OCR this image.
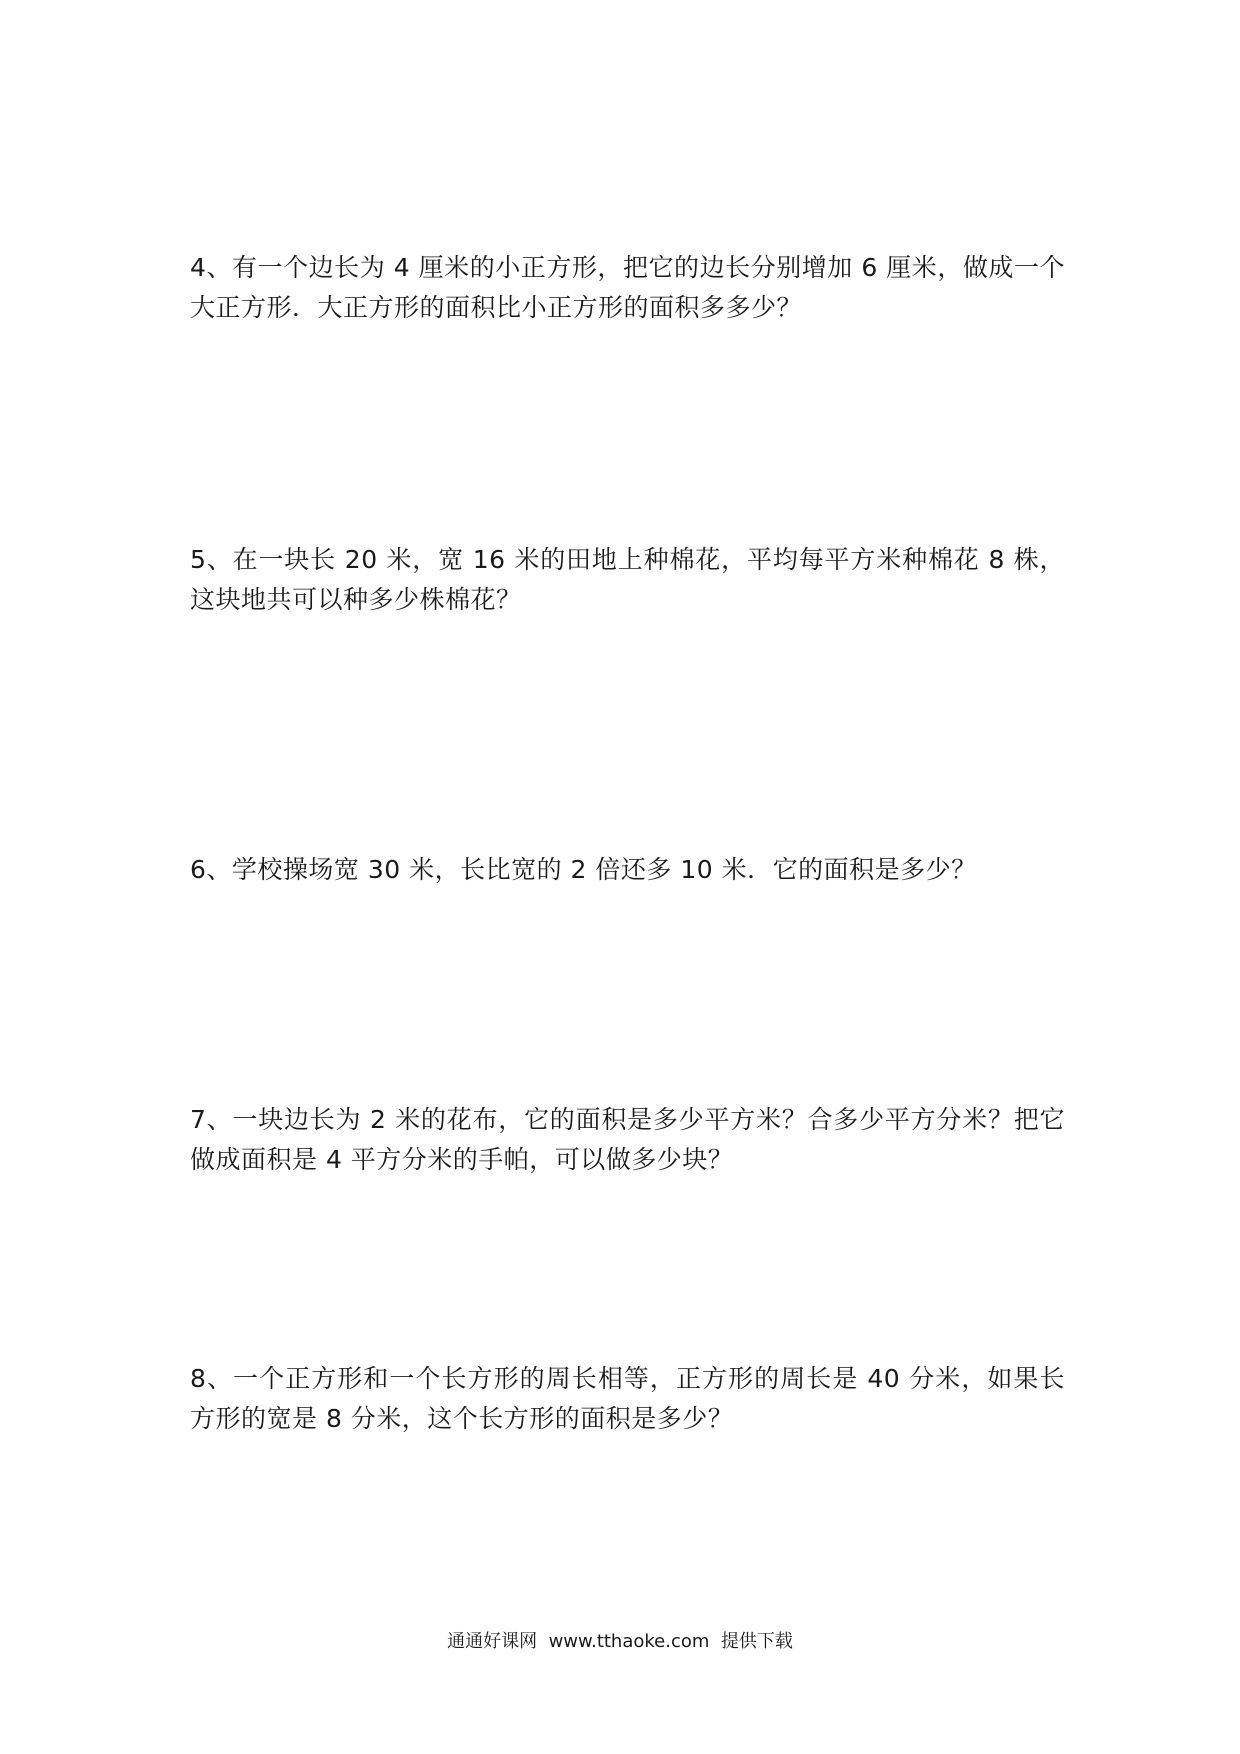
4、有一个边长为 4 厘米的小正方形，把它的边长分别增加 6 厘米，做成一个大正方形．大正方形的面积比小正方形的面积多多少？
5、在一块长 20 米，宽 16 米的田地上种棉花，平均每平方米种棉花 8 株，这块地共可以种多少株棉花？
6、学校操场宽 30 米，长比宽的 2 倍还多 10 米．它的面积是多少？
7、一块边长为 2 米的花布，它的面积是多少平方米？合多少平方分米？把它做成面积是 4 平方分米的手帕，可以做多少块？
8、一个正方形和一个长方形的周长相等，正方形的周长是 40 分米，如果长方形的宽是 8 分米，这个长方形的面积是多少？
通通好课网 www.tthaoke.com 提供下载
